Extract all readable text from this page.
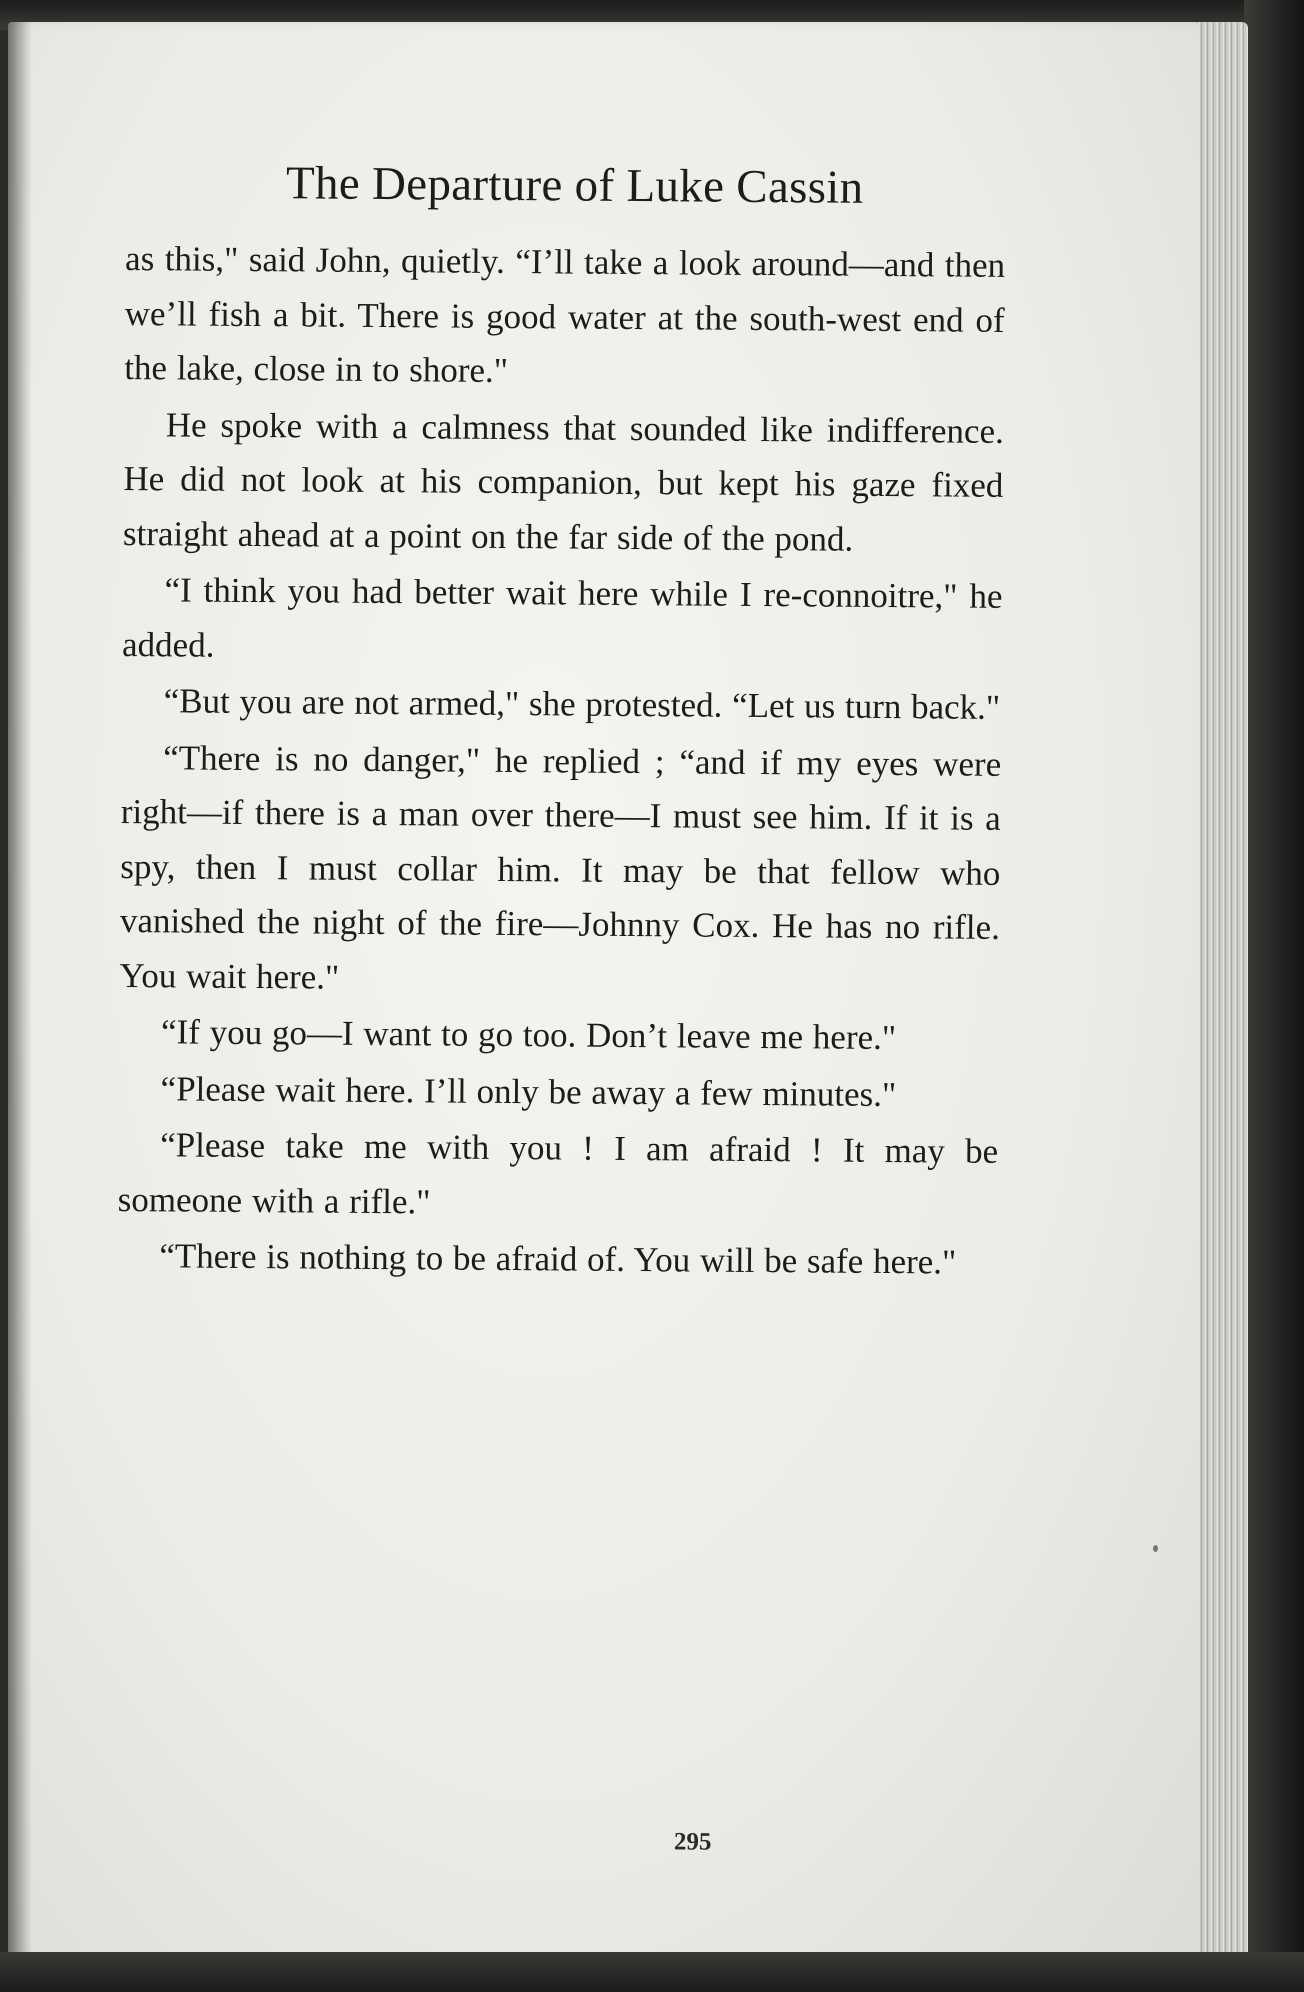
The Departure of Luke Cassin

as this," said John, quietly. “I’ll take a look around—and then we’ll fish a bit. There is good water at the south-west end of the lake, close in to shore."

He spoke with a calmness that sounded like indifference. He did not look at his companion, but kept his gaze fixed straight ahead at a point on the far side of the pond.

“I think you had better wait here while I re-connoitre," he added.

“But you are not armed," she protested. “Let us turn back."

“There is no danger," he replied ; “and if my eyes were right—if there is a man over there—I must see him. If it is a spy, then I must collar him. It may be that fellow who vanished the night of the fire—Johnny Cox. He has no rifle. You wait here."

“If you go—I want to go too. Don’t leave me here."

“Please wait here. I’ll only be away a few minutes."

“Please take me with you ! I am afraid ! It may be someone with a rifle."

“There is nothing to be afraid of. You will be safe here."

295
